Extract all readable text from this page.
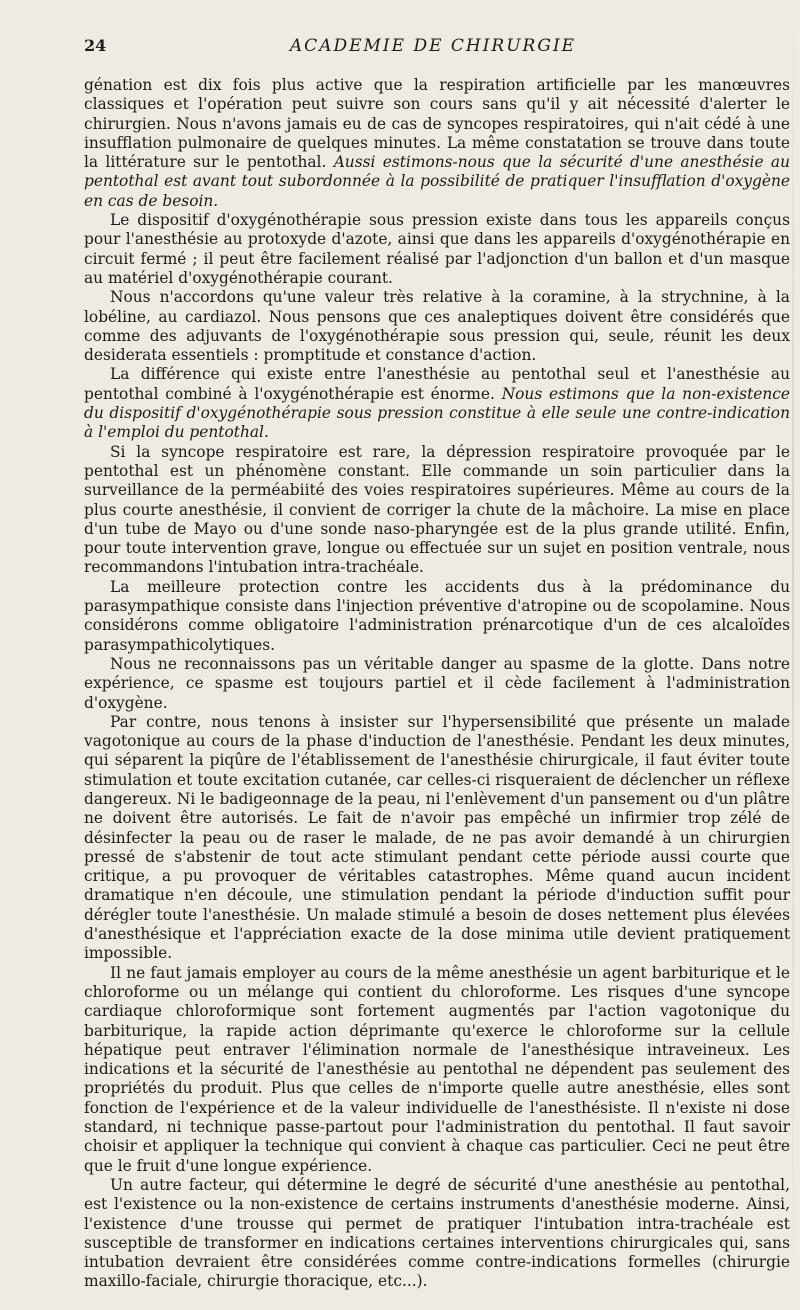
24	ACADEMIE DE CHIRURGIE

génation est dix fois plus active que la respiration artificielle par les manœuvres classiques et l'opération peut suivre son cours sans qu'il y ait nécessité d'alerter le chirurgien. Nous n'avons jamais eu de cas de syncopes respiratoires, qui n'ait cédé à une insufflation pulmonaire de quelques minutes. La même constatation se trouve dans toute la littérature sur le pentothal. Aussi estimons-nous que la sécurité d'une anesthésie au pentothal est avant tout subordonnée à la possibilité de pratiquer l'insufflation d'oxygène en cas de besoin.

Le dispositif d'oxygénothérapie sous pression existe dans tous les appareils conçus pour l'anesthésie au protoxyde d'azote, ainsi que dans les appareils d'oxygénothérapie en circuit fermé ; il peut être facilement réalisé par l'adjonction d'un ballon et d'un masque au matériel d'oxygénothérapie courant.

Nous n'accordons qu'une valeur très relative à la coramine, à la strychnine, à la lobéline, au cardiazol. Nous pensons que ces analeptiques doivent être considérés que comme des adjuvants de l'oxygénothérapie sous pression qui, seule, réunit les deux desiderata essentiels : promptitude et constance d'action.

La différence qui existe entre l'anesthésie au pentothal seul et l'anesthésie au pentothal combiné à l'oxygénothérapie est énorme. Nous estimons que la non-existence du dispositif d'oxygénothérapie sous pression constitue à elle seule une contre-indication à l'emploi du pentothal.

Si la syncope respiratoire est rare, la dépression respiratoire provoquée par le pentothal est un phénomène constant. Elle commande un soin particulier dans la surveillance de la perméabiité des voies respiratoires supérieures. Même au cours de la plus courte anesthésie, il convient de corriger la chute de la mâchoire. La mise en place d'un tube de Mayo ou d'une sonde naso-pharyngée est de la plus grande utilité. Enfin, pour toute intervention grave, longue ou effectuée sur un sujet en position ventrale, nous recommandons l'intubation intra-trachéale.

La meilleure protection contre les accidents dus à la prédominance du parasympathique consiste dans l'injection préventive d'atropine ou de scopolamine. Nous considérons comme obligatoire l'administration prénarcotique d'un de ces alcaloïdes parasympathicolytiques.

Nous ne reconnaissons pas un véritable danger au spasme de la glotte. Dans notre expérience, ce spasme est toujours partiel et il cède facilement à l'administration d'oxygène.

Par contre, nous tenons à insister sur l'hypersensibilité que présente un malade vagotonique au cours de la phase d'induction de l'anesthésie. Pendant les deux minutes, qui séparent la piqûre de l'établissement de l'anesthésie chirurgicale, il faut éviter toute stimulation et toute excitation cutanée, car celles-ci risqueraient de déclencher un réflexe dangereux. Ni le badigeonnage de la peau, ni l'enlèvement d'un pansement ou d'un plâtre ne doivent être autorisés. Le fait de n'avoir pas empêché un infirmier trop zélé de désinfecter la peau ou de raser le malade, de ne pas avoir demandé à un chirurgien pressé de s'abstenir de tout acte stimulant pendant cette période aussi courte que critique, a pu provoquer de véritables catastrophes. Même quand aucun incident dramatique n'en découle, une stimulation pendant la période d'induction suffit pour dérégler toute l'anesthésie. Un malade stimulé a besoin de doses nettement plus élevées d'anesthésique et l'appréciation exacte de la dose minima utile devient pratiquement impossible.

Il ne faut jamais employer au cours de la même anesthésie un agent barbiturique et le chloroforme ou un mélange qui contient du chloroforme. Les risques d'une syncope cardiaque chloroformique sont fortement augmentés par l'action vagotonique du barbiturique, la rapide action déprimante qu'exerce le chloroforme sur la cellule hépatique peut entraver l'élimination normale de l'anesthésique intraveineux. Les indications et la sécurité de l'anesthésie au pentothal ne dépendent pas seulement des propriétés du produit. Plus que celles de n'importe quelle autre anesthésie, elles sont fonction de l'expérience et de la valeur individuelle de l'anesthésiste. Il n'existe ni dose standard, ni technique passe-partout pour l'administration du pentothal. Il faut savoir choisir et appliquer la technique qui convient à chaque cas particulier. Ceci ne peut être que le fruit d'une longue expérience.

Un autre facteur, qui détermine le degré de sécurité d'une anesthésie au pentothal, est l'existence ou la non-existence de certains instruments d'anesthésie moderne. Ainsi, l'existence d'une trousse qui permet de pratiquer l'intubation intra-trachéale est susceptible de transformer en indications certaines interventions chirurgicales qui, sans intubation devraient être considérées comme contre-indications formelles (chirurgie maxillo-faciale, chirurgie thoracique, etc...).
